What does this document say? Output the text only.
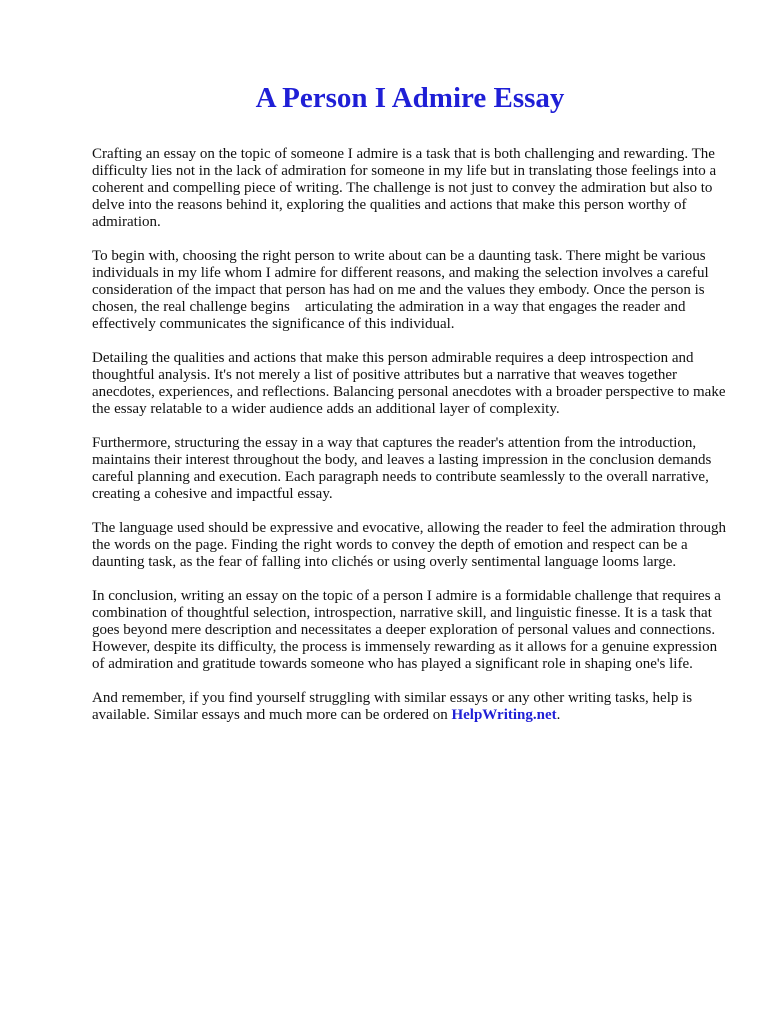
A Person I Admire Essay

Crafting an essay on the topic of someone I admire is a task that is both challenging and rewarding. The difficulty lies not in the lack of admiration for someone in my life but in translating those feelings into a coherent and compelling piece of writing. The challenge is not just to convey the admiration but also to delve into the reasons behind it, exploring the qualities and actions that make this person worthy of admiration.

To begin with, choosing the right person to write about can be a daunting task. There might be various individuals in my life whom I admire for different reasons, and making the selection involves a careful consideration of the impact that person has had on me and the values they embody. Once the person is chosen, the real challenge begins    articulating the admiration in a way that engages the reader and effectively communicates the significance of this individual.

Detailing the qualities and actions that make this person admirable requires a deep introspection and thoughtful analysis. It's not merely a list of positive attributes but a narrative that weaves together anecdotes, experiences, and reflections. Balancing personal anecdotes with a broader perspective to make the essay relatable to a wider audience adds an additional layer of complexity.

Furthermore, structuring the essay in a way that captures the reader's attention from the introduction, maintains their interest throughout the body, and leaves a lasting impression in the conclusion demands careful planning and execution. Each paragraph needs to contribute seamlessly to the overall narrative, creating a cohesive and impactful essay.

The language used should be expressive and evocative, allowing the reader to feel the admiration through the words on the page. Finding the right words to convey the depth of emotion and respect can be a daunting task, as the fear of falling into clichés or using overly sentimental language looms large.

In conclusion, writing an essay on the topic of a person I admire is a formidable challenge that requires a combination of thoughtful selection, introspection, narrative skill, and linguistic finesse. It is a task that goes beyond mere description and necessitates a deeper exploration of personal values and connections. However, despite its difficulty, the process is immensely rewarding as it allows for a genuine expression of admiration and gratitude towards someone who has played a significant role in shaping one's life.

And remember, if you find yourself struggling with similar essays or any other writing tasks, help is available. Similar essays and much more can be ordered on HelpWriting.net.
